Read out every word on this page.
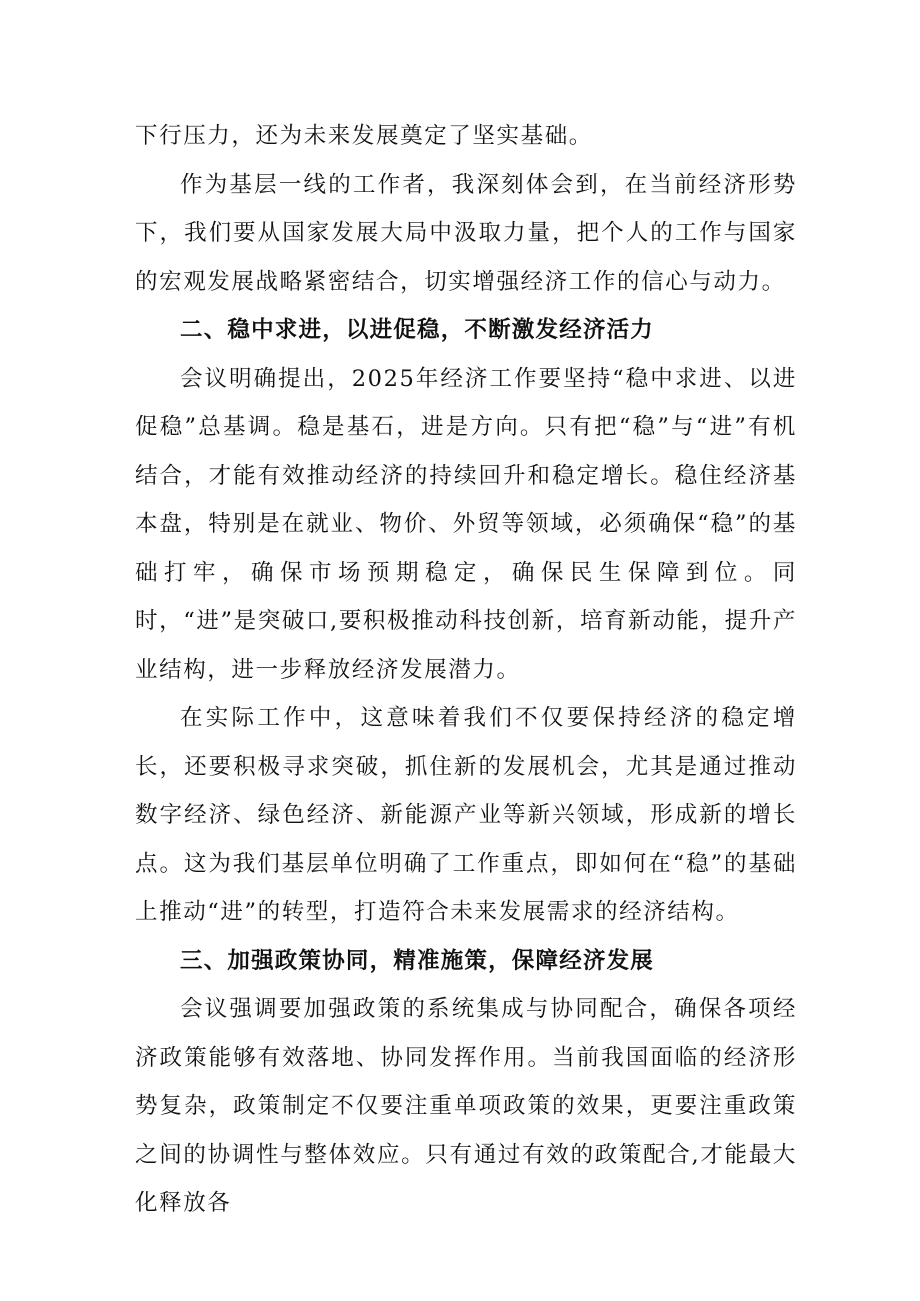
下行压力，还为未来发展奠定了坚实基础。

作为基层一线的工作者，我深刻体会到，在当前经济形势下，我们要从国家发展大局中汲取力量，把个人的工作与国家的宏观发展战略紧密结合，切实增强经济工作的信心与动力。

二、稳中求进，以进促稳，不断激发经济活力

会议明确提出，2025年经济工作要坚持“稳中求进、以进促稳”总基调。稳是基石，进是方向。只有把“稳”与“进”有机结合，才能有效推动经济的持续回升和稳定增长。稳住经济基本盘，特别是在就业、物价、外贸等领域，必须确保“稳”的基础打牢，确保市场预期稳定，确保民生保障到位。同时，“进”是突破口,要积极推动科技创新，培育新动能，提升产业结构，进一步释放经济发展潜力。

在实际工作中，这意味着我们不仅要保持经济的稳定增长，还要积极寻求突破，抓住新的发展机会，尤其是通过推动数字经济、绿色经济、新能源产业等新兴领域，形成新的增长点。这为我们基层单位明确了工作重点，即如何在“稳”的基础上推动“进”的转型，打造符合未来发展需求的经济结构。

三、加强政策协同，精准施策，保障经济发展

会议强调要加强政策的系统集成与协同配合，确保各项经济政策能够有效落地、协同发挥作用。当前我国面临的经济形势复杂，政策制定不仅要注重单项政策的效果，更要注重政策之间的协调性与整体效应。只有通过有效的政策配合,才能最大化释放各
